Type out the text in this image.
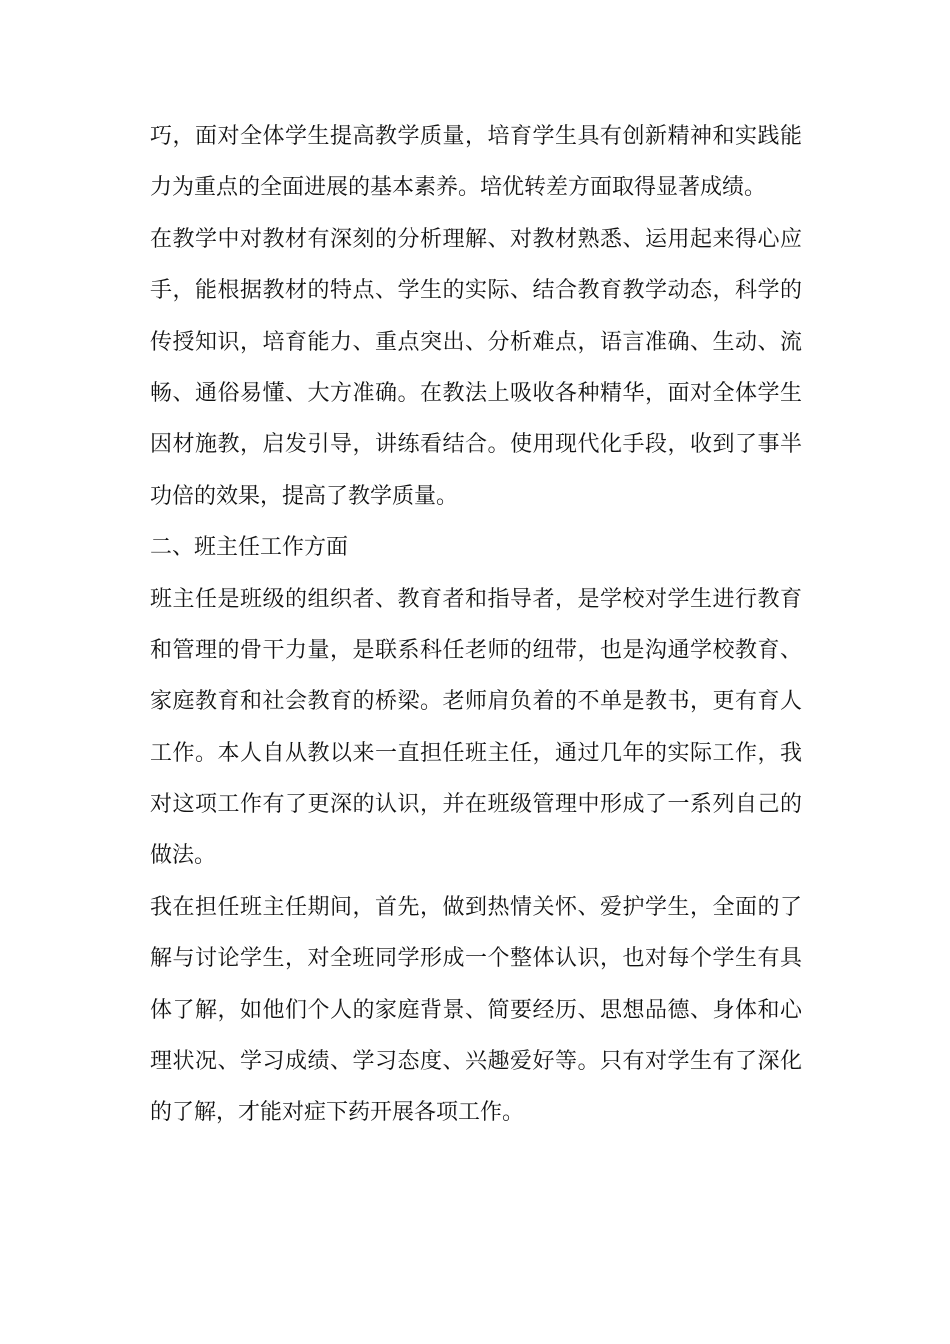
巧，面对全体学生提高教学质量，培育学生具有创新精神和实践能
力为重点的全面进展的基本素养。培优转差方面取得显著成绩。
在教学中对教材有深刻的分析理解、对教材熟悉、运用起来得心应
手，能根据教材的特点、学生的实际、结合教育教学动态，科学的
传授知识，培育能力、重点突出、分析难点，语言准确、生动、流
畅、通俗易懂、大方准确。在教法上吸收各种精华，面对全体学生
因材施教，启发引导，讲练看结合。使用现代化手段，收到了事半
功倍的效果，提高了教学质量。
二、班主任工作方面
班主任是班级的组织者、教育者和指导者，是学校对学生进行教育
和管理的骨干力量，是联系科任老师的纽带，也是沟通学校教育、
家庭教育和社会教育的桥梁。老师肩负着的不单是教书，更有育人
工作。本人自从教以来一直担任班主任，通过几年的实际工作，我
对这项工作有了更深的认识，并在班级管理中形成了一系列自己的
做法。
我在担任班主任期间，首先，做到热情关怀、爱护学生，全面的了
解与讨论学生，对全班同学形成一个整体认识，也对每个学生有具
体了解，如他们个人的家庭背景、简要经历、思想品德、身体和心
理状况、学习成绩、学习态度、兴趣爱好等。只有对学生有了深化
的了解，才能对症下药开展各项工作。
